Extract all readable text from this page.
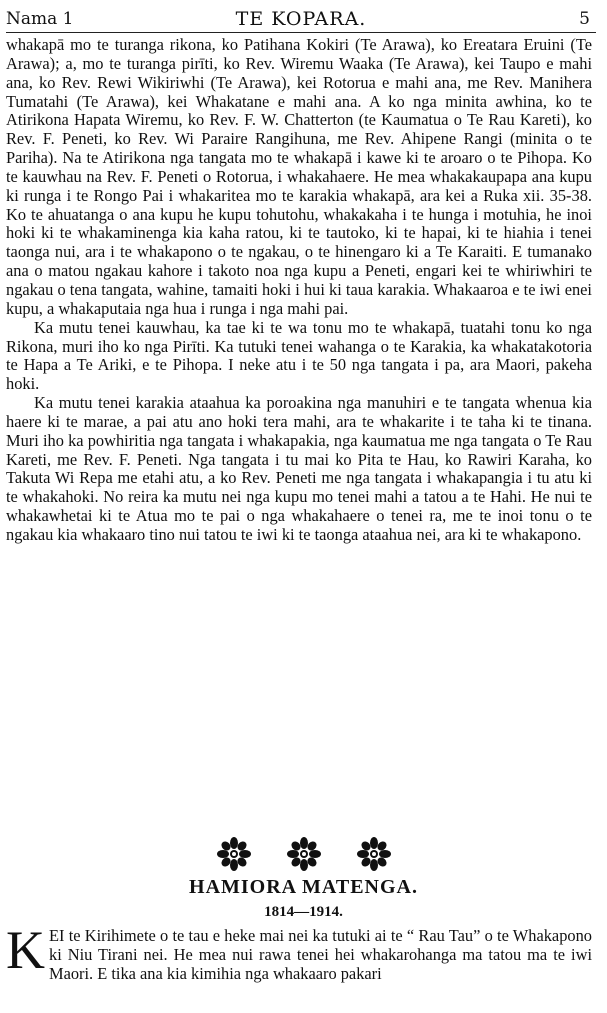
Nama 1	TE KOPARA.	5

whakapā mo te turanga rikona, ko Patihana Kokiri (Te Arawa), ko Ereatara Eruini (Te Arawa); a, mo te turanga pirīti, ko Rev. Wiremu Waaka (Te Arawa), kei Taupo e mahi ana, ko Rev. Rewi Wikiriwhi (Te Arawa), kei Rotorua e mahi ana, me Rev. Manihera Tumatahi (Te Arawa), kei Whakatane e mahi ana. A ko nga minita awhina, ko te Atirikona Hapata Wiremu, ko Rev. F. W. Chatterton (te Kaumatua o Te Rau Kareti), ko Rev. F. Peneti, ko Rev. Wi Paraire Rangihuna, me Rev. Ahipene Rangi (minita o te Pariha). Na te Atirikona nga tangata mo te whakapā i kawe ki te aroaro o te Pihopa. Ko te kauwhau na Rev. F. Peneti o Rotorua, i whakahaere. He mea whakakaupapa ana kupu ki runga i te Rongo Pai i whakaritea mo te karakia whakapā, ara kei a Ruka xii. 35-38. Ko te ahuatanga o ana kupu he kupu tohutohu, whakakaha i te hunga i motuhia, he inoi hoki ki te whakaminenga kia kaha ratou, ki te tautoko, ki te hapai, ki te hiahia i tenei taonga nui, ara i te whakapono o te ngakau, o te hinengaro ki a Te Karaiti. E tumanako ana o matou ngakau kahore i takoto noa nga kupu a Peneti, engari kei te whiriwhiri te ngakau o tena tangata, wahine, tamaiti hoki i hui ki taua karakia. Whakaaroa e te iwi enei kupu, a whakaputaia nga hua i runga i nga mahi pai.

Ka mutu tenei kauwhau, ka tae ki te wa tonu mo te whakapā, tuatahi tonu ko nga Rikona, muri iho ko nga Pirīti. Ka tutuki tenei wahanga o te Karakia, ka whakatakotoria te Hapa a Te Ariki, e te Pihopa. I neke atu i te 50 nga tangata i pa, ara Maori, pakeha hoki.

Ka mutu tenei karakia ataahua ka poroakina nga manuhiri e te tangata whenua kia haere ki te marae, a pai atu ano hoki tera mahi, ara te whakarite i te taha ki te tinana. Muri iho ka powhiritia nga tangata i whakapakia, nga kaumatua me nga tangata o Te Rau Kareti, me Rev. F. Peneti. Nga tangata i tu mai ko Pita te Hau, ko Rawiri Karaha, ko Takuta Wi Repa me etahi atu, a ko Rev. Peneti me nga tangata i whakapangia i tu atu ki te whakahoki. No reira ka mutu nei nga kupu mo tenei mahi a tatou a te Hahi. He nui te whakawhetai ki te Atua mo te pai o nga whakahaere o tenei ra, me te inoi tonu o te ngakau kia whakaaro tino nui tatou te iwi ki te taonga ataahua nei, ara ki te whakapono.

HAMIORA MATENGA.
1814—1914.
K EI te Kirihimete o te tau e heke mai nei ka tutuki ai te “ Rau Tau” o te Whakapono ki Niu Tirani nei. He mea nui rawa tenei hei whakarohanga ma tatou ma te iwi Maori. E tika ana kia kimihia nga whakaaro pakari
